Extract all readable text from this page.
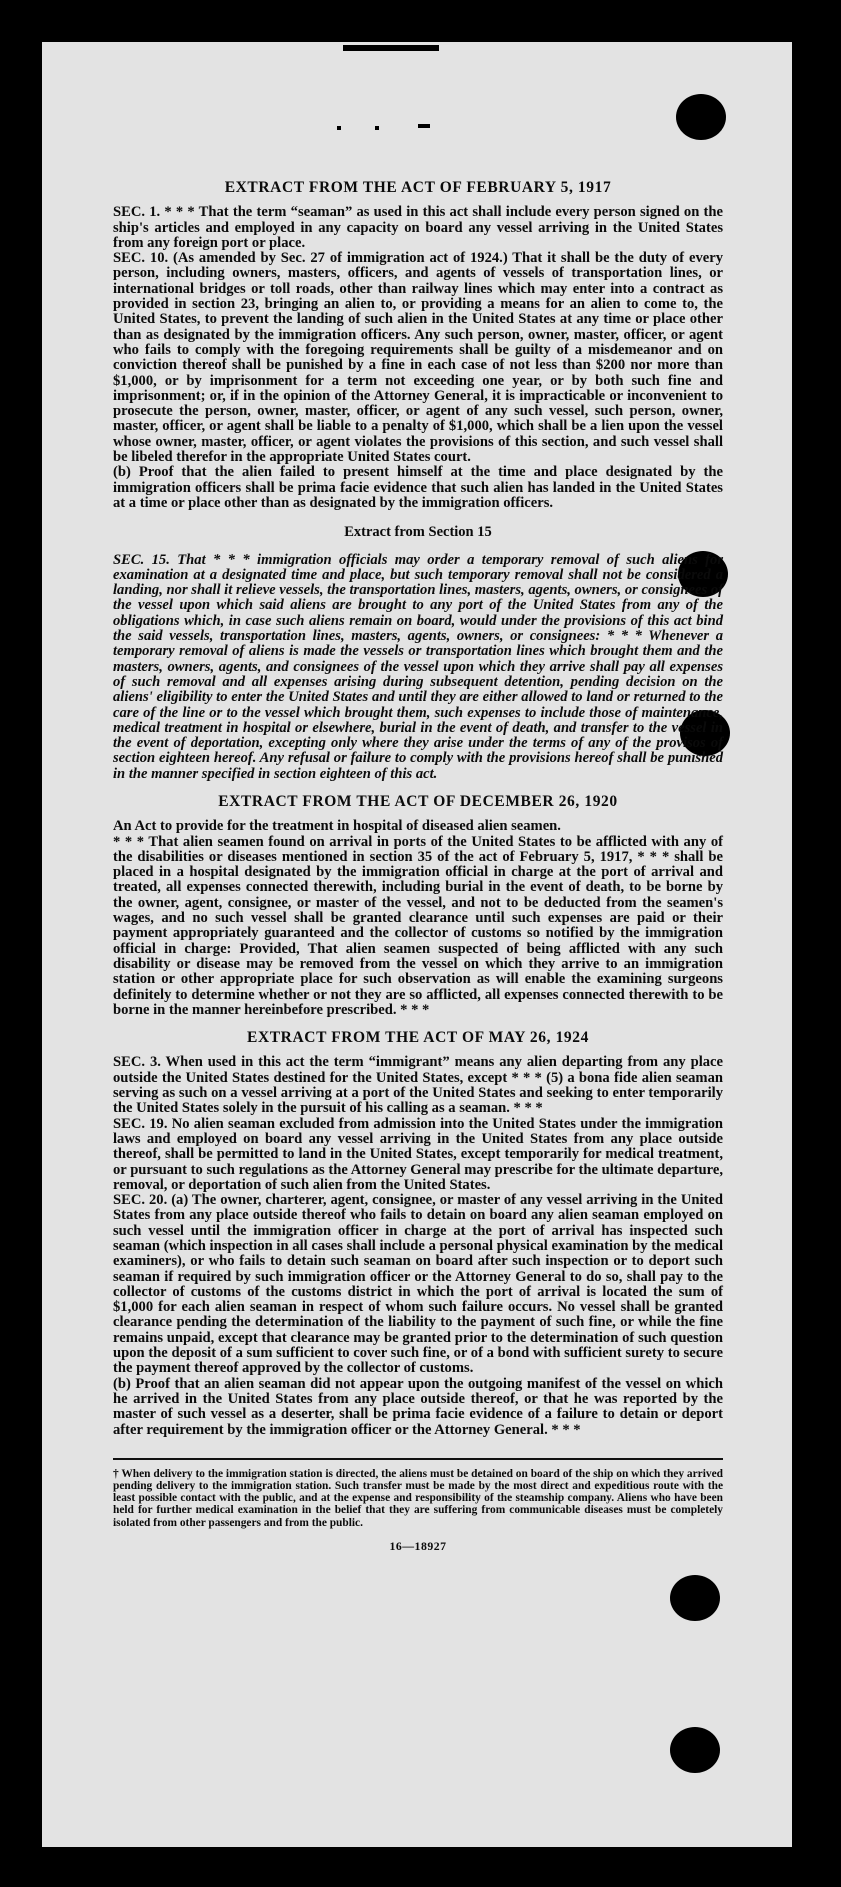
EXTRACT FROM THE ACT OF FEBRUARY 5, 1917

SEC. 1. * * * That the term “seaman” as used in this act shall include every person signed on the ship's articles and employed in any capacity on board any vessel arriving in the United States from any foreign port or place.

SEC. 10. (As amended by Sec. 27 of immigration act of 1924.) That it shall be the duty of every person, including owners, masters, officers, and agents of vessels of transportation lines, or international bridges or toll roads, other than railway lines which may enter into a contract as provided in section 23, bringing an alien to, or providing a means for an alien to come to, the United States, to prevent the landing of such alien in the United States at any time or place other than as designated by the immigration officers. Any such person, owner, master, officer, or agent who fails to comply with the foregoing requirements shall be guilty of a misdemeanor and on conviction thereof shall be punished by a fine in each case of not less than $200 nor more than $1,000, or by imprisonment for a term not exceeding one year, or by both such fine and imprisonment; or, if in the opinion of the Attorney General, it is impracticable or inconvenient to prosecute the person, owner, master, officer, or agent of any such vessel, such person, owner, master, officer, or agent shall be liable to a penalty of $1,000, which shall be a lien upon the vessel whose owner, master, officer, or agent violates the provisions of this section, and such vessel shall be libeled therefor in the appropriate United States court.

(b) Proof that the alien failed to present himself at the time and place designated by the immigration officers shall be prima facie evidence that such alien has landed in the United States at a time or place other than as designated by the immigration officers.

Extract from Section 15

SEC. 15. That * * * immigration officials may order a temporary removal of such aliens for examination at a designated time and place, but such temporary removal shall not be considered a landing, nor shall it relieve vessels, the transportation lines, masters, agents, owners, or consignees of the vessel upon which said aliens are brought to any port of the United States from any of the obligations which, in case such aliens remain on board, would under the provisions of this act bind the said vessels, transportation lines, masters, agents, owners, or consignees: * * * Whenever a temporary removal of aliens is made the vessels or transportation lines which brought them and the masters, owners, agents, and consignees of the vessel upon which they arrive shall pay all expenses of such removal and all expenses arising during subsequent detention, pending decision on the aliens' eligibility to enter the United States and until they are either allowed to land or returned to the care of the line or to the vessel which brought them, such expenses to include those of maintenance, medical treatment in hospital or elsewhere, burial in the event of death, and transfer to the vessel in the event of deportation, excepting only where they arise under the terms of any of the provisos of section eighteen hereof. Any refusal or failure to comply with the provisions hereof shall be punished in the manner specified in section eighteen of this act.

EXTRACT FROM THE ACT OF DECEMBER 26, 1920

An Act to provide for the treatment in hospital of diseased alien seamen.

* * * That alien seamen found on arrival in ports of the United States to be afflicted with any of the disabilities or diseases mentioned in section 35 of the act of February 5, 1917, * * * shall be placed in a hospital designated by the immigration official in charge at the port of arrival and treated, all expenses connected therewith, including burial in the event of death, to be borne by the owner, agent, consignee, or master of the vessel, and not to be deducted from the seamen's wages, and no such vessel shall be granted clearance until such expenses are paid or their payment appropriately guaranteed and the collector of customs so notified by the immigration official in charge: Provided, That alien seamen suspected of being afflicted with any such disability or disease may be removed from the vessel on which they arrive to an immigration station or other appropriate place for such observation as will enable the examining surgeons definitely to determine whether or not they are so afflicted, all expenses connected therewith to be borne in the manner hereinbefore prescribed. * * *

EXTRACT FROM THE ACT OF MAY 26, 1924

SEC. 3. When used in this act the term “immigrant” means any alien departing from any place outside the United States destined for the United States, except * * * (5) a bona fide alien seaman serving as such on a vessel arriving at a port of the United States and seeking to enter temporarily the United States solely in the pursuit of his calling as a seaman. * * *

SEC. 19. No alien seaman excluded from admission into the United States under the immigration laws and employed on board any vessel arriving in the United States from any place outside thereof, shall be permitted to land in the United States, except temporarily for medical treatment, or pursuant to such regulations as the Attorney General may prescribe for the ultimate departure, removal, or deportation of such alien from the United States.

SEC. 20. (a) The owner, charterer, agent, consignee, or master of any vessel arriving in the United States from any place outside thereof who fails to detain on board any alien seaman employed on such vessel until the immigration officer in charge at the port of arrival has inspected such seaman (which inspection in all cases shall include a personal physical examination by the medical examiners), or who fails to detain such seaman on board after such inspection or to deport such seaman if required by such immigration officer or the Attorney General to do so, shall pay to the collector of customs of the customs district in which the port of arrival is located the sum of $1,000 for each alien seaman in respect of whom such failure occurs. No vessel shall be granted clearance pending the determination of the liability to the payment of such fine, or while the fine remains unpaid, except that clearance may be granted prior to the determination of such question upon the deposit of a sum sufficient to cover such fine, or of a bond with sufficient surety to secure the payment thereof approved by the collector of customs.

(b) Proof that an alien seaman did not appear upon the outgoing manifest of the vessel on which he arrived in the United States from any place outside thereof, or that he was reported by the master of such vessel as a deserter, shall be prima facie evidence of a failure to detain or deport after requirement by the immigration officer or the Attorney General. * * *

† When delivery to the immigration station is directed, the aliens must be detained on board of the ship on which they arrived pending delivery to the immigration station. Such transfer must be made by the most direct and expeditious route with the least possible contact with the public, and at the expense and responsibility of the steamship company. Aliens who have been held for further medical examination in the belief that they are suffering from communicable diseases must be completely isolated from other passengers and from the public.

16—18927
